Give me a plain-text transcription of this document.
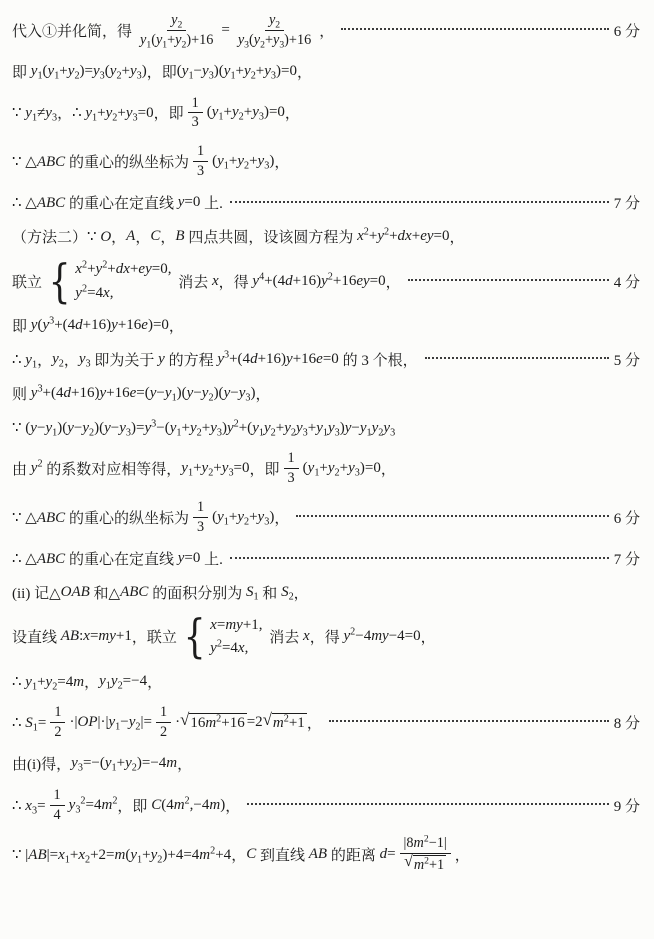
代入①并化简，得 $\frac{y_2}{y_1(y_1+y_2)+16} = \frac{y_2}{y_3(y_2+y_3)+16}$ ，	6 分
即 $y_1(y_1+y_2)=y_3(y_2+y_3)$ ，即 $(y_1-y_3)(y_1+y_2+y_3)=0$ ，
∵ $y_1\ne y_3$ ， ∴ $y_1+y_2+y_3=0$ ，即 $\frac{1}{3} (y_1+y_2+y_3)=0$ ，
∵ △ABC 的重心的纵坐标为 $\frac{1}{3} (y_1+y_2+y_3)$ ，
∴ △ABC 的重心在定直线 y=0 上.	7 分
（方法二） ∵ O ， A ， C ， B 四点共圆，设该圆方程为 $x^2+y^2+dx+ey=0$ ，
联立 { $x^2+y^2+dx+ey=0$,
$y^2=4x$,
消去 x ，得 $y^4+(4d+16)y^2+16ey=0$ ，	4 分
即 $y(y^3+(4d+16)y+16e)=0$ ，
∴ $y_1$ ， $y_2$ ， $y_3$ 即为关于 y 的方程 $y^3+(4d+16)y+16e=0$ 的 3 个根，	5 分
则 $y^3+(4d+16)y+16e=(y-y_1)(y-y_2)(y-y_3)$ ，
∵ $(y-y_1)(y-y_2)(y-y_3)=y^3-(y_1+y_2+y_3)y^2+(y_1y_2+y_2y_3+y_1y_3)y-y_1y_2y_3$
由 $y^2$ 的系数对应相等得， $y_1+y_2+y_3=0$ ，即 $\frac{1}{3} (y_1+y_2+y_3)=0$ ，
∵ △ABC 的重心的纵坐标为 $\frac{1}{3} (y_1+y_2+y_3)$ ，	6 分
∴ △ABC 的重心在定直线 y=0 上.	7 分
(ii) 记△ OAB 和△ ABC 的面积分别为 $S_1$ 和 $S_2$ ，
设直线 AB:x=my+1 ，联立 { x=my+1,
$y^2=4x$,
消去 x ，得 $y^2-4my-4=0$ ，
∴ $y_1+y_2=4m$ ， $y_1y_2=-4$ ，
∴ $S_1= \frac{1}{2} \cdot|OP|\cdot|y_1-y_2|= \frac{1}{2}$ · √ $16m^2+16 =2$ √ $m^2+1$ ，	8 分
由(i)得， $y_3=-(y_1+y_2)=-4m$ ，
∴ $x_3= \frac{1}{4} y_3^2=4m^2$ ，即 $C(4m^2,-4m)$ ，	9 分
∵ $|AB|=x_1+x_2+2=m(y_1+y_2)+4=4m^2+4$ ， C 到直线 AB 的距离 $d= \frac{|8m^2-1|}{√ m^2+1}$ ，
